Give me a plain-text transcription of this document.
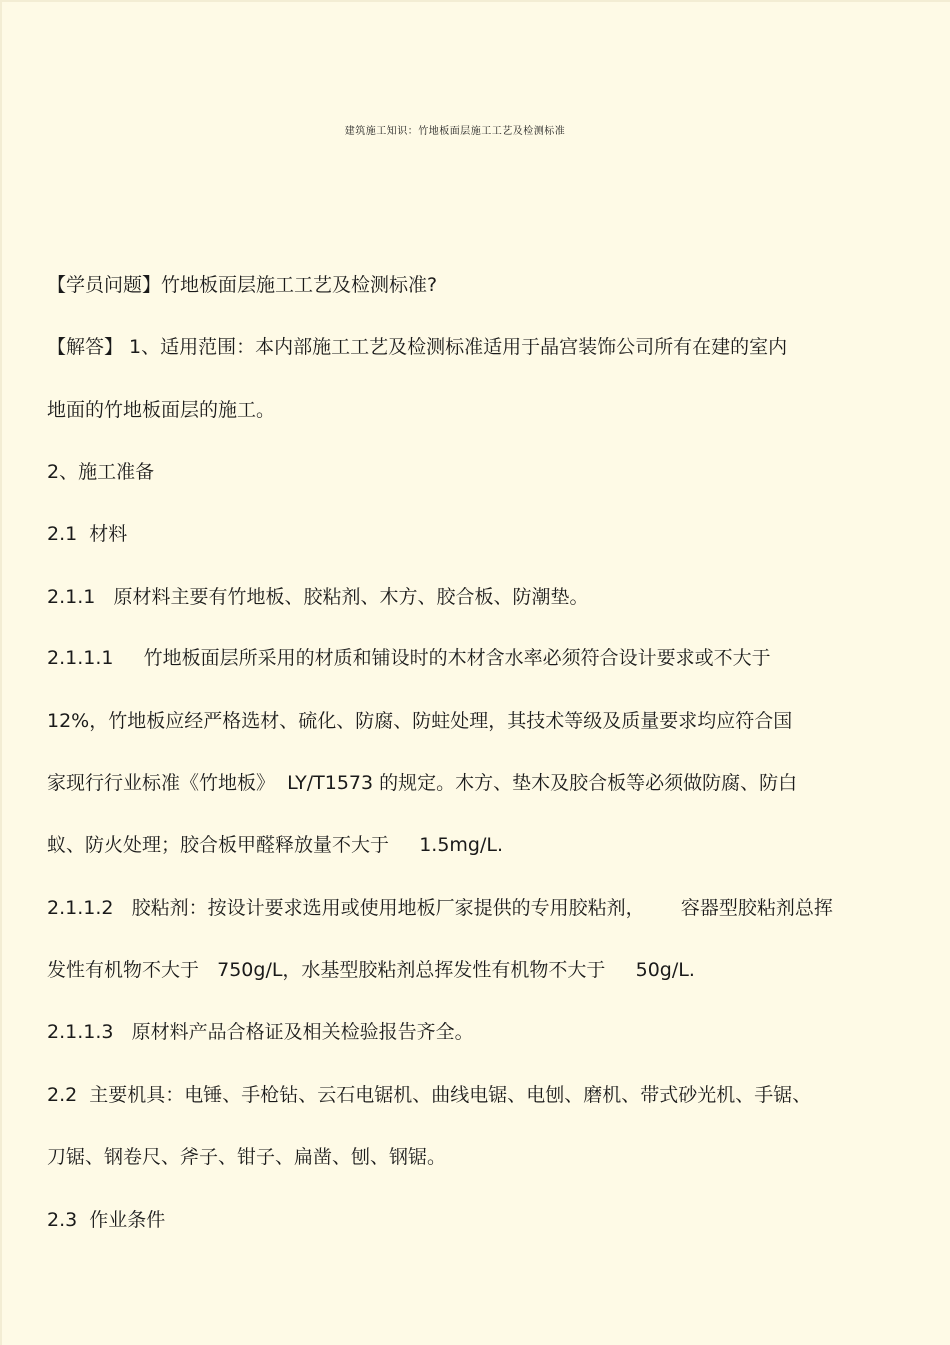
建筑施工知识：竹地板面层施工工艺及检测标准

【学员问题】竹地板面层施工工艺及检测标准?

【解答】 1、适用范围：本内部施工工艺及检测标准适用于晶宫装饰公司所有在建的室内

地面的竹地板面层的施工。

2、施工准备

2.1  材料

2.1.1   原材料主要有竹地板、胶粘剂、木方、胶合板、防潮垫。

2.1.1.1     竹地板面层所采用的材质和铺设时的木材含水率必须符合设计要求或不大于

12%，竹地板应经严格选材、硫化、防腐、防蛀处理，其技术等级及质量要求均应符合国

家现行行业标准《竹地板》  LY/T1573 的规定。木方、垫木及胶合板等必须做防腐、防白

蚁、防火处理；胶合板甲醛释放量不大于     1.5mg/L.

2.1.1.2   胶粘剂：按设计要求选用或使用地板厂家提供的专用胶粘剂，      容器型胶粘剂总挥

发性有机物不大于   750g/L，水基型胶粘剂总挥发性有机物不大于     50g/L.

2.1.1.3   原材料产品合格证及相关检验报告齐全。

2.2  主要机具：电锤、手枪钻、云石电锯机、曲线电锯、电刨、磨机、带式砂光机、手锯、

刀锯、钢卷尺、斧子、钳子、扁凿、刨、钢锯。

2.3  作业条件
